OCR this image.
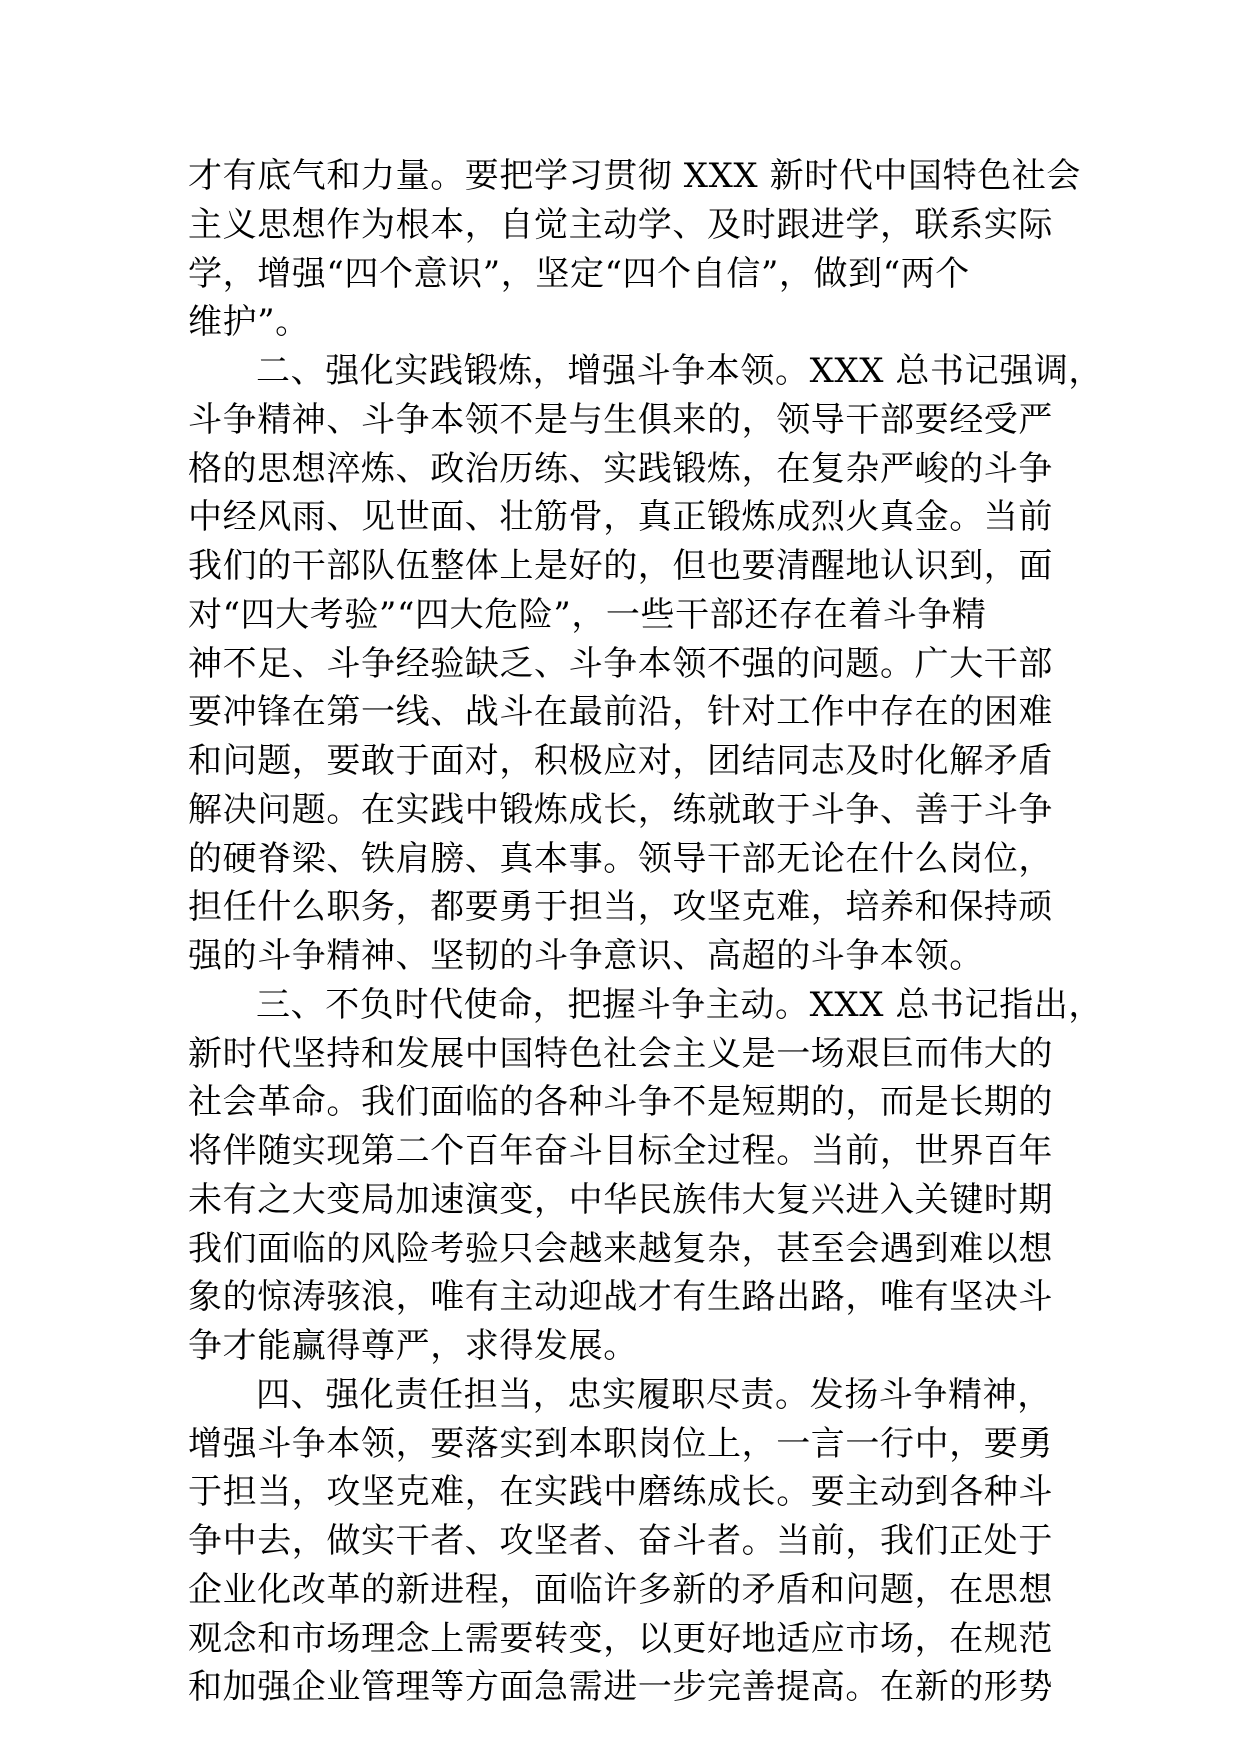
才有底气和力量。要把学习贯彻 XXX 新时代中国特色社会
主义思想作为根本，自觉主动学、及时跟进学，联系实际
学，增强“四个意识”，坚定“四个自信”，做到“两个
维护”。
二、强化实践锻炼，增强斗争本领。XXX 总书记强调，
斗争精神、斗争本领不是与生俱来的，领导干部要经受严
格的思想淬炼、政治历练、实践锻炼，在复杂严峻的斗争
中经风雨、见世面、壮筋骨，真正锻炼成烈火真金。当前
我们的干部队伍整体上是好的，但也要清醒地认识到，面
对“四大考验”“四大危险”，一些干部还存在着斗争精
神不足、斗争经验缺乏、斗争本领不强的问题。广大干部
要冲锋在第一线、战斗在最前沿，针对工作中存在的困难
和问题，要敢于面对，积极应对，团结同志及时化解矛盾
解决问题。在实践中锻炼成长，练就敢于斗争、善于斗争
的硬脊梁、铁肩膀、真本事。领导干部无论在什么岗位，
担任什么职务，都要勇于担当，攻坚克难，培养和保持顽
强的斗争精神、坚韧的斗争意识、高超的斗争本领。
三、不负时代使命，把握斗争主动。XXX 总书记指出，
新时代坚持和发展中国特色社会主义是一场艰巨而伟大的
社会革命。我们面临的各种斗争不是短期的，而是长期的
将伴随实现第二个百年奋斗目标全过程。当前，世界百年
未有之大变局加速演变，中华民族伟大复兴进入关键时期
我们面临的风险考验只会越来越复杂，甚至会遇到难以想
象的惊涛骇浪，唯有主动迎战才有生路出路，唯有坚决斗
争才能赢得尊严，求得发展。
四、强化责任担当，忠实履职尽责。发扬斗争精神，
增强斗争本领，要落实到本职岗位上，一言一行中，要勇
于担当，攻坚克难，在实践中磨练成长。要主动到各种斗
争中去，做实干者、攻坚者、奋斗者。当前，我们正处于
企业化改革的新进程，面临许多新的矛盾和问题，在思想
观念和市场理念上需要转变，以更好地适应市场，在规范
和加强企业管理等方面急需进一步完善提高。在新的形势
